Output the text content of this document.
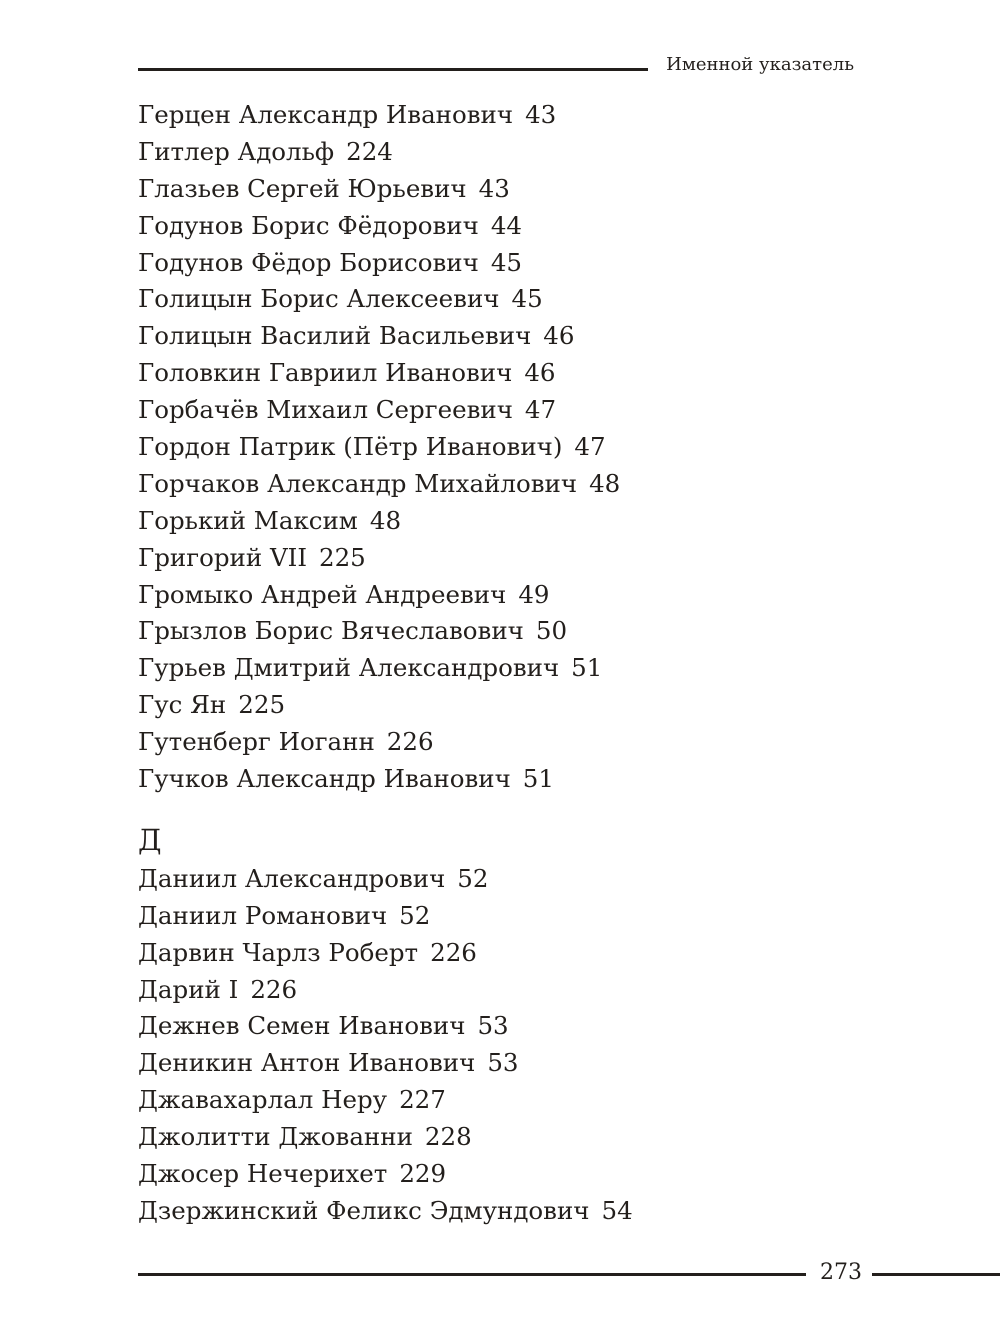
Именной указатель
Герцен Александр Иванович 43
Гитлер Адольф 224
Глазьев Сергей Юрьевич 43
Годунов Борис Фёдорович 44
Годунов Фёдор Борисович 45
Голицын Борис Алексеевич 45
Голицын Василий Васильевич 46
Головкин Гавриил Иванович 46
Горбачёв Михаил Сергеевич 47
Гордон Патрик (Пётр Иванович) 47
Горчаков Александр Михайлович 48
Горький Максим 48
Григорий VII 225
Громыко Андрей Андреевич 49
Грызлов Борис Вячеславович 50
Гурьев Дмитрий Александрович 51
Гус Ян 225
Гутенберг Иоганн 226
Гучков Александр Иванович 51
Д
Даниил Александрович 52
Даниил Романович 52
Дарвин Чарлз Роберт 226
Дарий I 226
Дежнев Семен Иванович 53
Деникин Антон Иванович 53
Джавахарлал Неру 227
Джолитти Джованни 228
Джосер Нечерихет 229
Дзержинский Феликс Эдмундович 54
273
